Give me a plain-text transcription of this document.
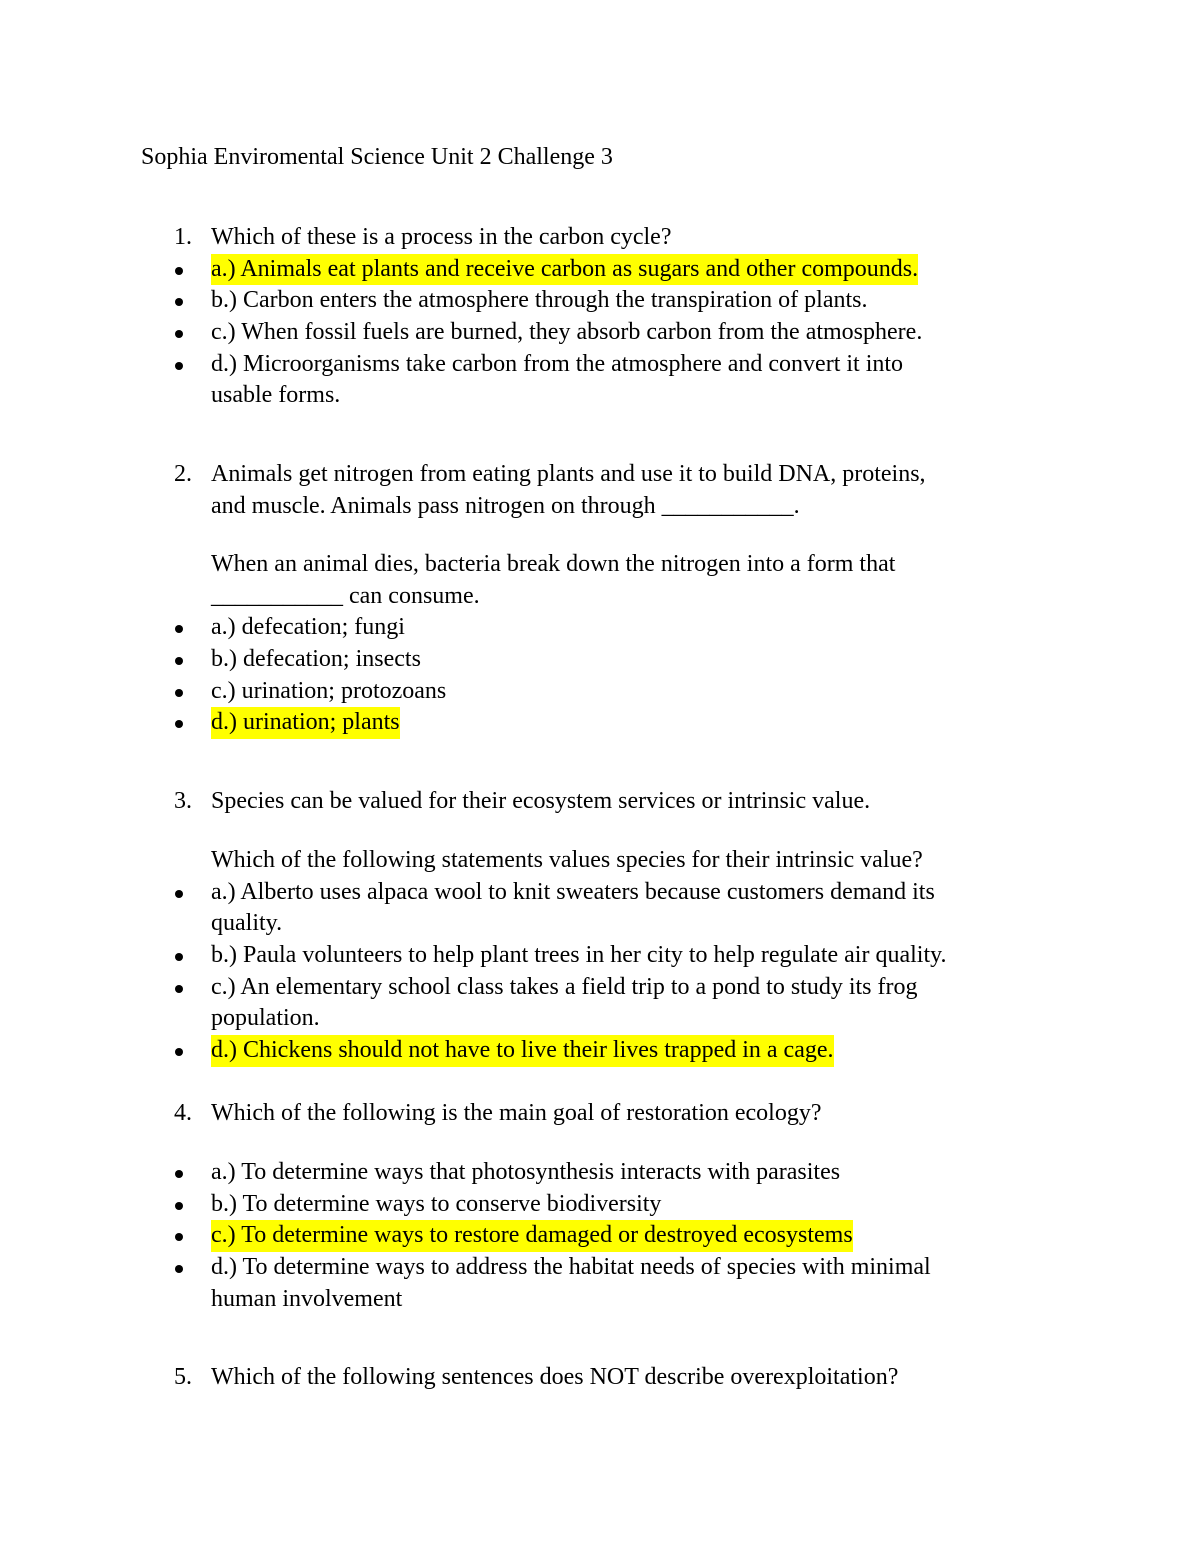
Sophia Enviromental Science Unit 2 Challenge 3
1. Which of these is a process in the carbon cycle?
a.) Animals eat plants and receive carbon as sugars and other compounds.
b.) Carbon enters the atmosphere through the transpiration of plants.
c.) When fossil fuels are burned, they absorb carbon from the atmosphere.
d.) Microorganisms take carbon from the atmosphere and convert it into
usable forms.
2. Animals get nitrogen from eating plants and use it to build DNA, proteins,
and muscle. Animals pass nitrogen on through ___________.
When an animal dies, bacteria break down the nitrogen into a form that
___________ can consume.
a.) defecation; fungi
b.) defecation; insects
c.) urination; protozoans
d.) urination; plants
3. Species can be valued for their ecosystem services or intrinsic value.
Which of the following statements values species for their intrinsic value?
a.) Alberto uses alpaca wool to knit sweaters because customers demand its
quality.
b.) Paula volunteers to help plant trees in her city to help regulate air quality.
c.) An elementary school class takes a field trip to a pond to study its frog
population.
d.) Chickens should not have to live their lives trapped in a cage.
4. Which of the following is the main goal of restoration ecology?
a.) To determine ways that photosynthesis interacts with parasites
b.) To determine ways to conserve biodiversity
c.) To determine ways to restore damaged or destroyed ecosystems
d.) To determine ways to address the habitat needs of species with minimal
human involvement
5. Which of the following sentences does NOT describe overexploitation?
